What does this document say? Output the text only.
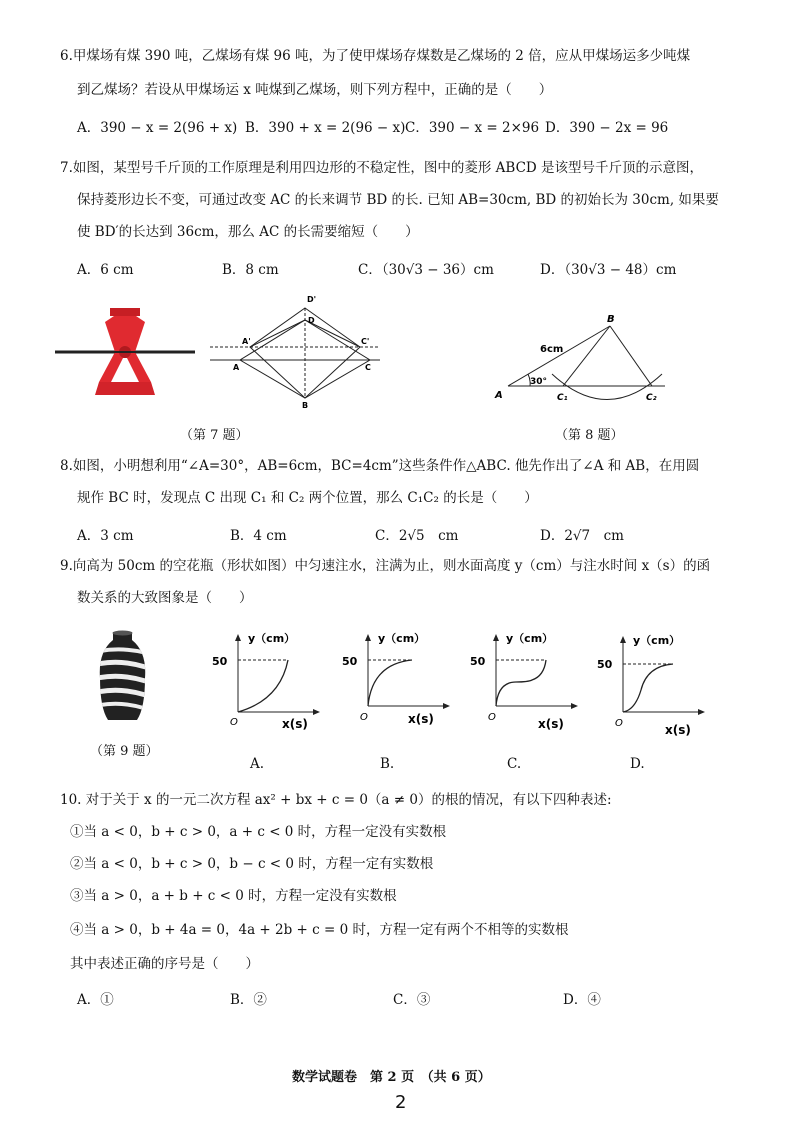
6.甲煤场有煤 390 吨，乙煤场有煤 96 吨，为了使甲煤场存煤数是乙煤场的 2 倍，应从甲煤场运多少吨煤
到乙煤场？若设从甲煤场运 x 吨煤到乙煤场，则下列方程中，正确的是（　　）
A．390 − x = 2(96 + x) B．390 + x = 2(96 − x) C．390 − x = 2×96 D．390 − 2x = 96
7.如图，某型号千斤顶的工作原理是利用四边形的不稳定性，图中的菱形 ABCD 是该型号千斤顶的示意图，
保持菱形边长不变，可通过改变 AC 的长来调节 BD 的长. 已知 AB=30cm, BD 的初始长为 30cm, 如果要
使 BD′的长达到 36cm，那么 AC 的长需要缩短（　　）
A．6 cm	B．8 cm	C．（30√3 − 36）cm	D．（30√3 − 48）cm
D'
D
A'	C'
A	C
B
B
6cm
30°
A	C₁	C₂
（第 7 题）	（第 8 题）
8.如图，小明想利用“∠A=30°，AB=6cm，BC=4cm”这些条件作△ABC. 他先作出了∠A 和 AB，在用圆
规作 BC 时，发现点 C 出现 C₁ 和 C₂ 两个位置，那么 C₁C₂ 的长是（　　）
A．3 cm	B．4 cm	C．2√5　cm	D．2√7　cm
9.向高为 50cm 的空花瓶（形状如图）中匀速注水，注满为止，则水面高度 y（cm）与注水时间 x（s）的函
数关系的大致图象是（　　）
（第 9 题）
y（cm）
50
O	x(s)
y（cm）
50
O	x(s)
y（cm）
50
O	x(s)
y（cm）
50
O	x(s)
A.	B.	C.	D.
10. 对于关于 x 的一元二次方程 ax² + bx + c = 0（a ≠ 0）的根的情况，有以下四种表述:
①当 a < 0，b + c > 0，a + c < 0 时，方程一定没有实数根
②当 a < 0，b + c > 0，b − c < 0 时，方程一定有实数根
③当 a > 0，a + b + c < 0 时，方程一定没有实数根
④当 a > 0，b + 4a = 0，4a + 2b + c = 0 时，方程一定有两个不相等的实数根
其中表述正确的序号是（　　）
A．①	B．②	C．③	D．④
数学试题卷　第 2 页　（共 6 页）
2
